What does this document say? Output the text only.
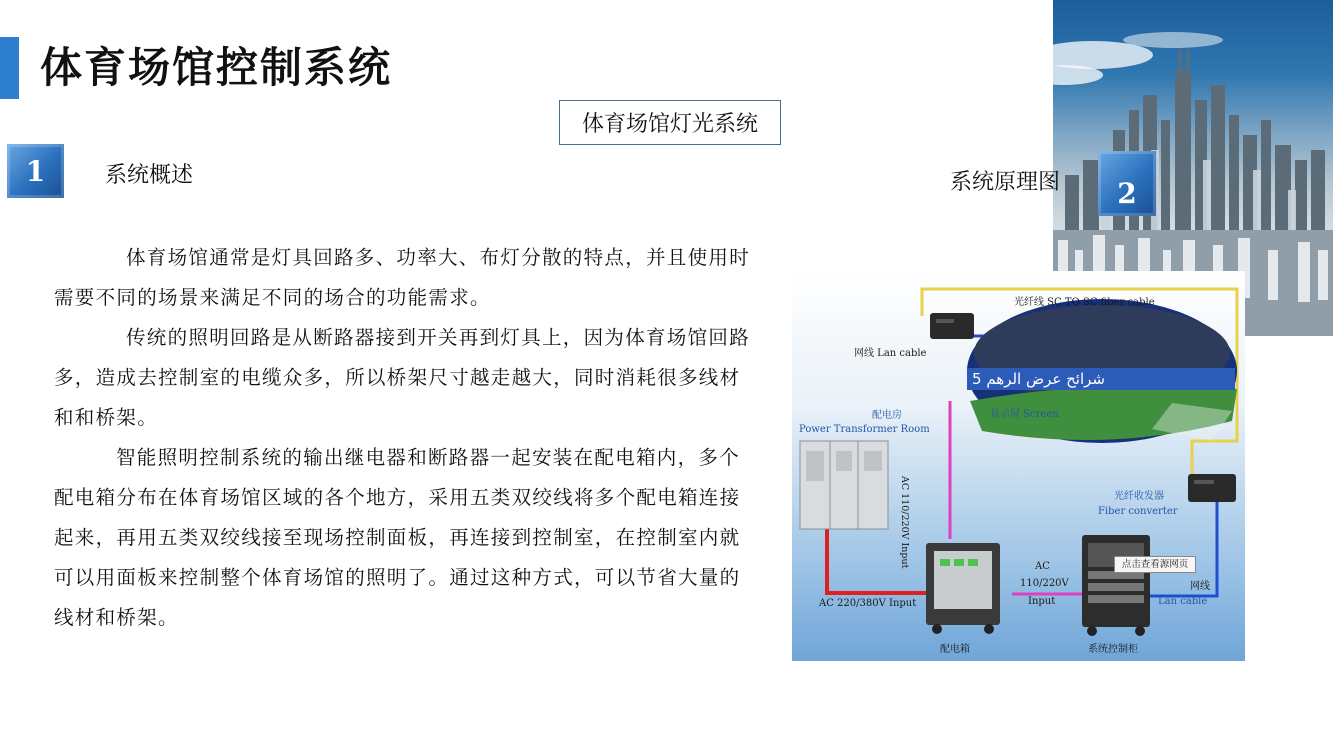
体育场馆控制系统
体育场馆灯光系统
1	系统概述	系统原理图	2

体育场馆通常是灯具回路多、功率大、布灯分散的特点，并且使用时需要不同的场景来满足不同的场合的功能需求。

传统的照明回路是从断路器接到开关再到灯具上，因为体育场馆回路多，造成去控制室的电缆众多，所以桥架尺寸越走越大，同时消耗很多线材和和桥架。

智能照明控制系统的输出继电器和断路器一起安装在配电箱内，多个配电箱分布在体育场馆区域的各个地方，采用五类双绞线将多个配电箱连接起来，再用五类双绞线接至现场控制面板，再连接到控制室，在控制室内就可以用面板来控制整个体育场馆的照明了。通过这种方式，可以节省大量的线材和桥架。

光纤线 SC TO SC fiber cable
网线 Lan cable
5 شرائح عرض الرهم
显示屏 Screen
配电房
Power Transformer Room
AC 110/220V Input	光纤收发器
Fiber converter
AC 220/380V Input
AC
110/220V
Input
网线
Lan cable
配电箱	系统控制柜
点击查看源网页
